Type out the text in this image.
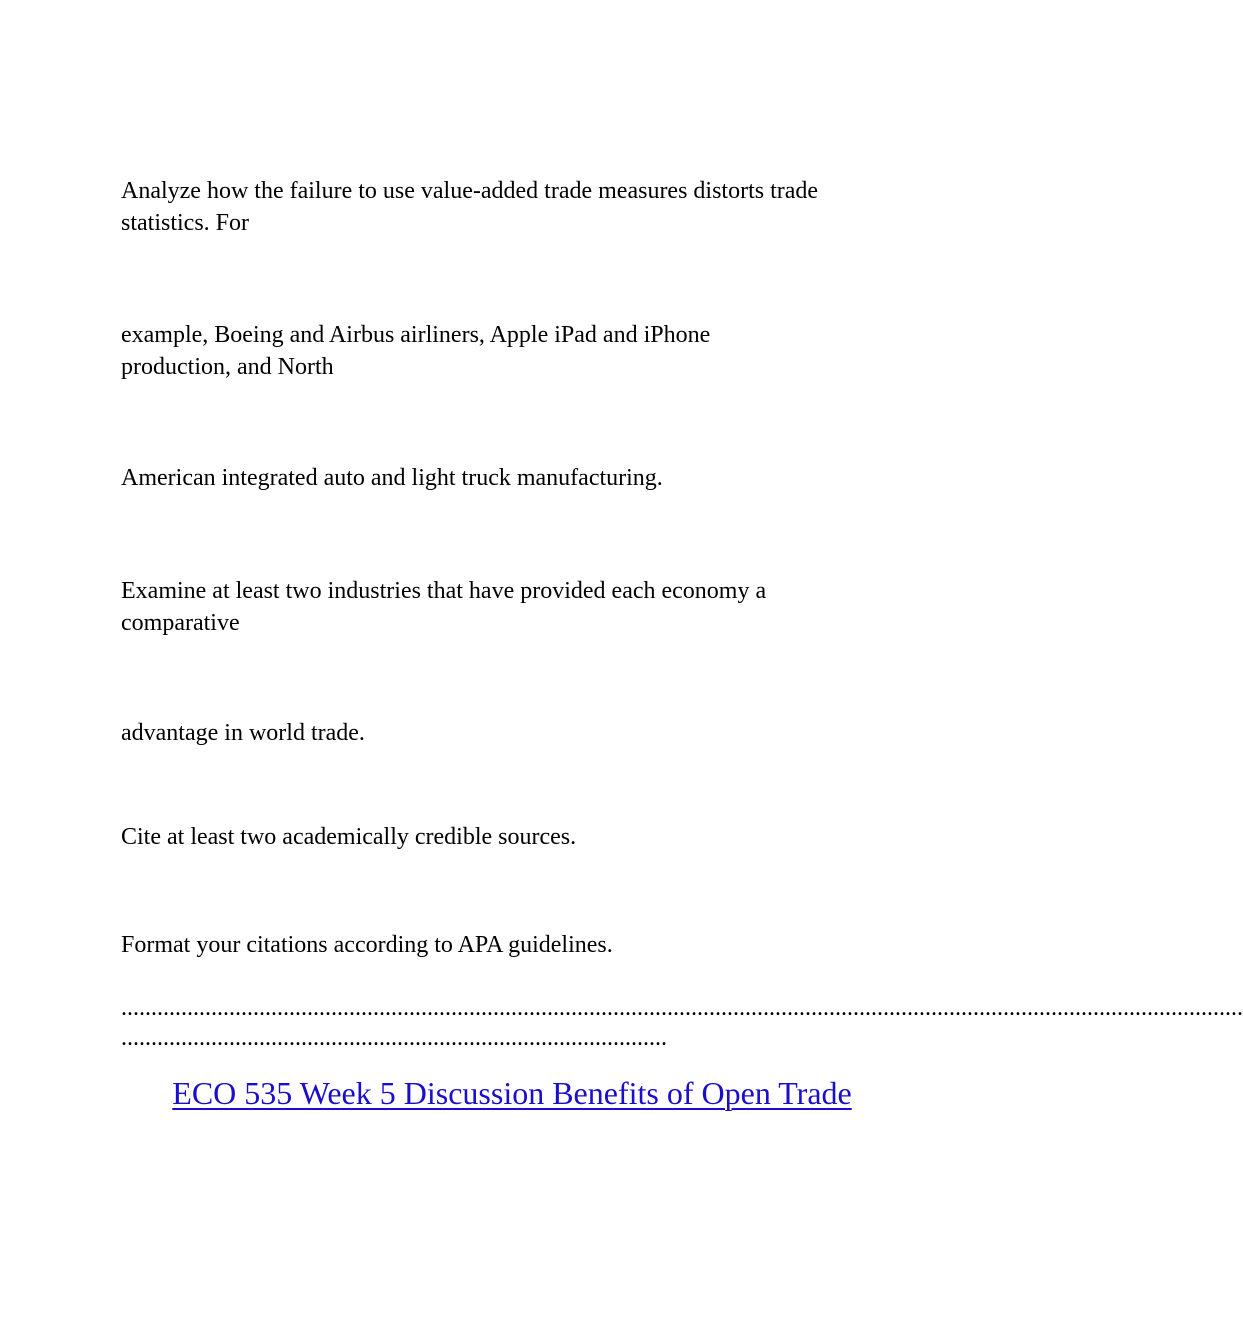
Analyze how the failure to use value-added trade measures distorts trade
statistics. For

example, Boeing and Airbus airliners, Apple iPad and iPhone
production, and North

American integrated auto and light truck manufacturing.

Examine at least two industries that have provided each economy a
comparative

advantage in world trade.

Cite at least two academically credible sources.

Format your citations according to APA guidelines.

...........................................................................................................................................................................................
...........................................................................................
ECO 535 Week 5 Discussion Benefits of Open Trade
